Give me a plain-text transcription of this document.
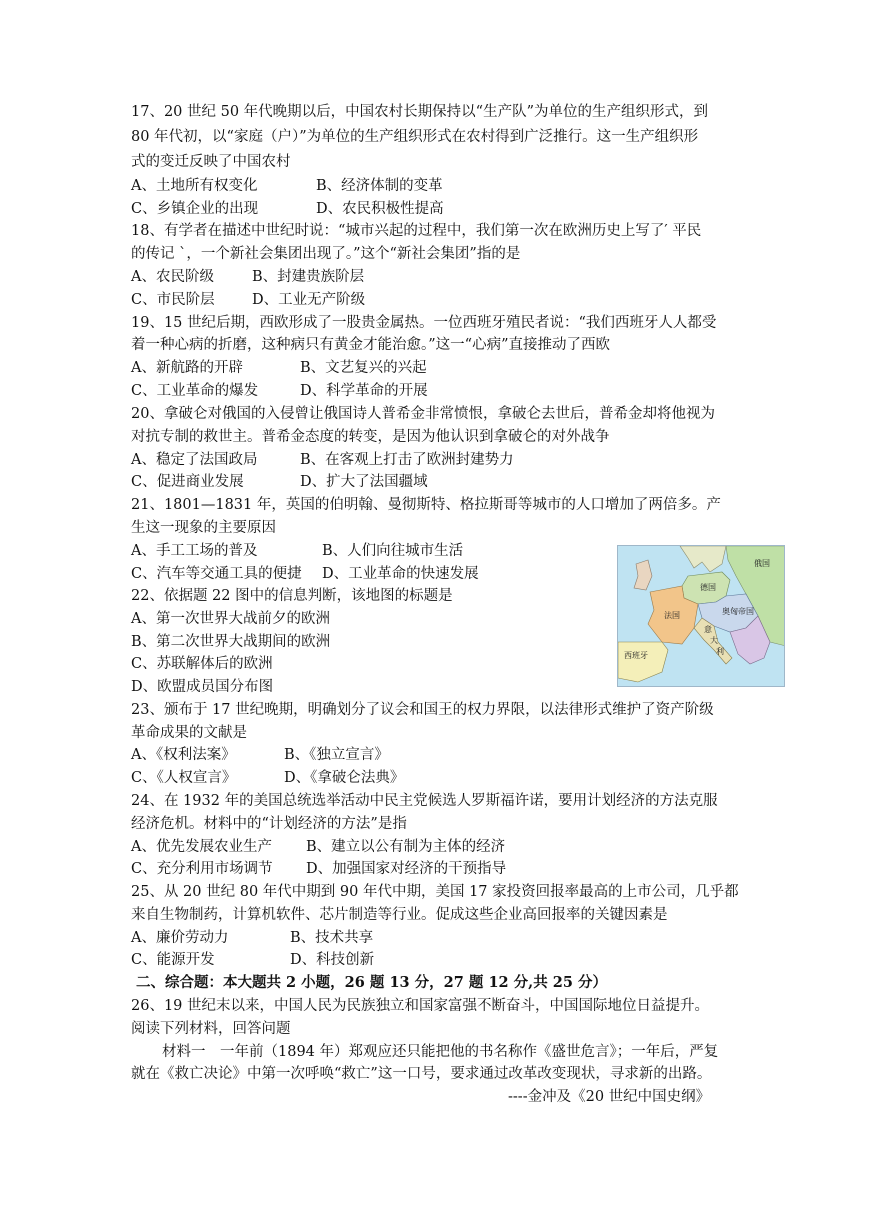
17、20 世纪 50 年代晚期以后，中国农村长期保持以“生产队”为单位的生产组织形式，到
80 年代初，以“家庭（户）”为单位的生产组织形式在农村得到广泛推行。这一生产组织形
式的变迁反映了中国农村
A、土地所有权变化	B、经济体制的变革
C、乡镇企业的出现	D、农民积极性提高
18、有学者在描述中世纪时说：“城市兴起的过程中，我们第一次在欧洲历史上写了′ 平民
的传记 `，一个新社会集团出现了。”这个“新社会集团”指的是
A、农民阶级	B、封建贵族阶层
C、市民阶层	D、工业无产阶级
19、15 世纪后期，西欧形成了一股贵金属热。一位西班牙殖民者说：“我们西班牙人人都受
着一种心病的折磨，这种病只有黄金才能治愈。”这一“心病”直接推动了西欧
A、新航路的开辟	B、文艺复兴的兴起
C、工业革命的爆发	D、科学革命的开展
20、拿破仑对俄国的入侵曾让俄国诗人普希金非常愤恨，拿破仑去世后，普希金却将他视为
对抗专制的救世主。普希金态度的转变，是因为他认识到拿破仑的对外战争
A、稳定了法国政局	B、在客观上打击了欧洲封建势力
C、促进商业发展	D、扩大了法国疆域
21、1801—1831 年，英国的伯明翰、曼彻斯特、格拉斯哥等城市的人口增加了两倍多。产
生这一现象的主要原因
A、手工工场的普及	B、人们向往城市生活
C、汽车等交通工具的便捷 D、工业革命的快速发展
22、依据题 22 图中的信息判断，该地图的标题是
A、第一次世界大战前夕的欧洲
B、第二次世界大战期间的欧洲
C、苏联解体后的欧洲
D、欧盟成员国分布图
俄国
德国
奥匈帝国
法国
意
大
利
西班牙
23、颁布于 17 世纪晚期，明确划分了议会和国王的权力界限，以法律形式维护了资产阶级
革命成果的文献是
A、《权利法案》	B、《独立宣言》
C、《人权宣言》	D、《拿破仑法典》
24、在 1932 年的美国总统选举活动中民主党候选人罗斯福许诺，要用计划经济的方法克服
经济危机。材料中的“计划经济的方法”是指
A、优先发展农业生产 B、建立以公有制为主体的经济
C、充分利用市场调节 D、加强国家对经济的干预指导
25、从 20 世纪 80 年代中期到 90 年代中期，美国 17 家投资回报率最高的上市公司，几乎都
来自生物制药，计算机软件、芯片制造等行业。促成这些企业高回报率的关键因素是
A、廉价劳动力	B、技术共享
C、能源开发	D、科技创新
二、综合题：本大题共 2 小题，26 题 13 分，27 题 12 分,共 25 分）
26、19 世纪末以来，中国人民为民族独立和国家富强不断奋斗，中国国际地位日益提升。
阅读下列材料，回答问题
材料一　一年前（1894 年）郑观应还只能把他的书名称作《盛世危言》；一年后，严复
就在《救亡决论》中第一次呼唤“救亡”这一口号，要求通过改革改变现状，寻求新的出路。
----金冲及《20 世纪中国史纲》
